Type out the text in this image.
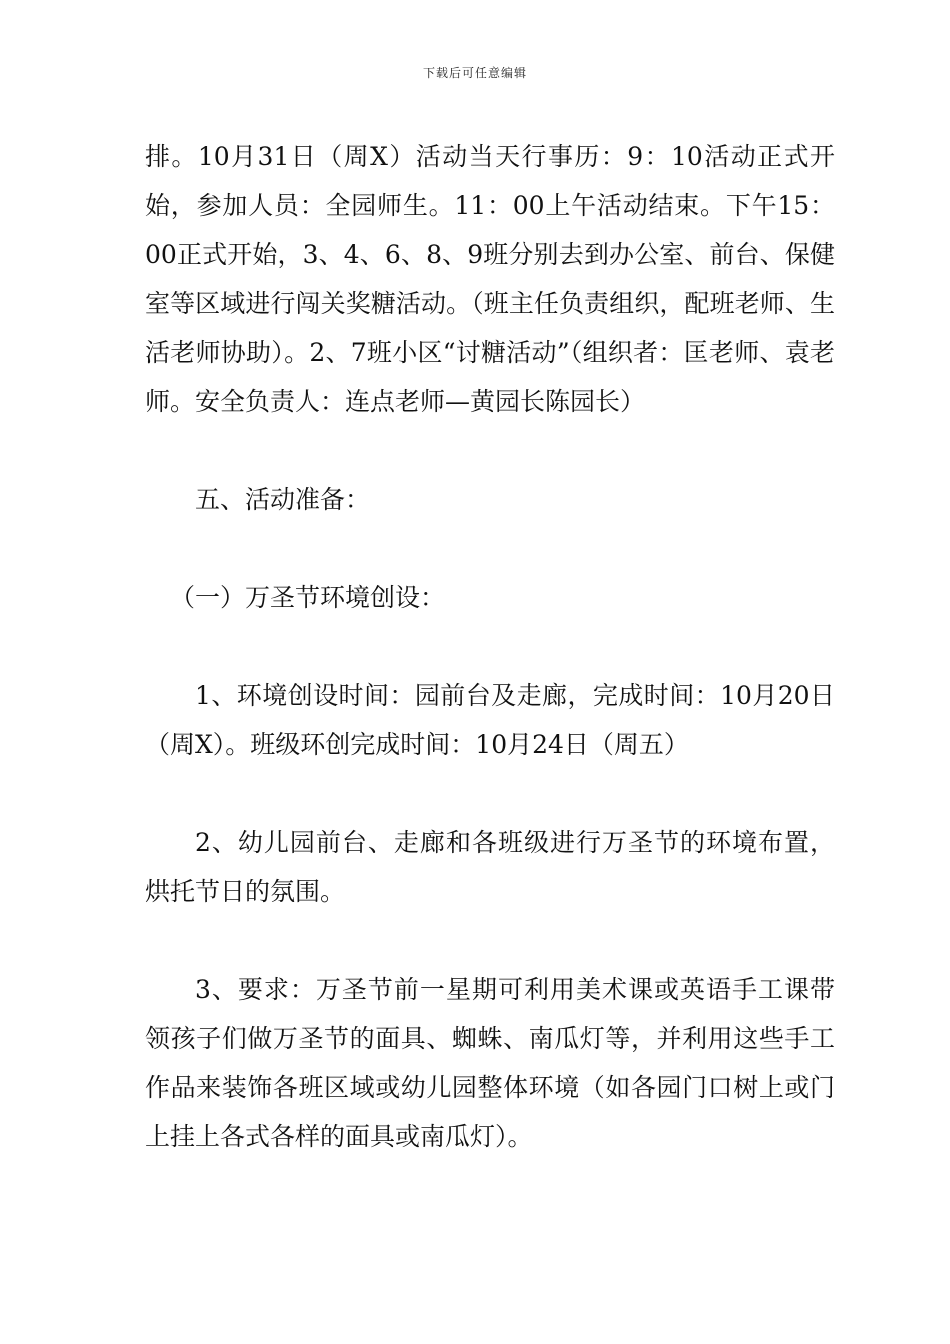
下载后可任意编辑

排。10月31日（周X）活动当天行事历：9：10活动正式开始，参加人员：全园师生。11：00上午活动结束。下午15：00正式开始，3、4、6、8、9班分别去到办公室、前台、保健室等区域进行闯关奖糖活动。（班主任负责组织，配班老师、生活老师协助）。2、7班小区“讨糖活动”（组织者：匡老师、袁老师。安全负责人：连点老师—黄园长陈园长）

五、活动准备：

（一）万圣节环境创设：

1、环境创设时间：园前台及走廊，完成时间：10月20日（周X）。班级环创完成时间：10月24日（周五）

2、幼儿园前台、走廊和各班级进行万圣节的环境布置，烘托节日的氛围。

3、要求：万圣节前一星期可利用美术课或英语手工课带领孩子们做万圣节的面具、蜘蛛、南瓜灯等，并利用这些手工作品来装饰各班区域或幼儿园整体环境（如各园门口树上或门上挂上各式各样的面具或南瓜灯）。
